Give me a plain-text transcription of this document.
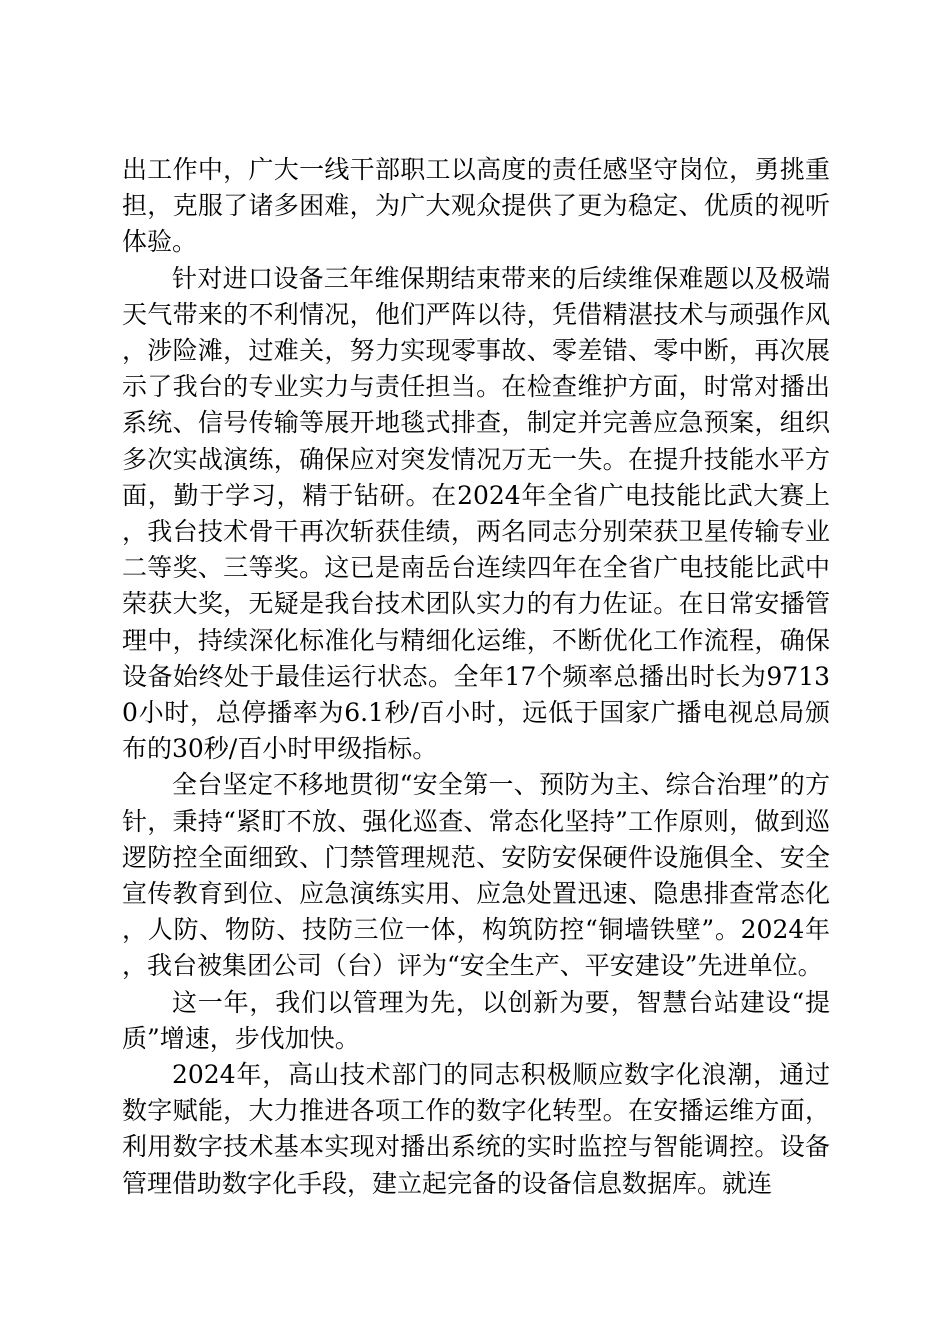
出工作中，广大一线干部职工以高度的责任感坚守岗位，勇挑重担，克服了诸多困难，为广大观众提供了更为稳定、优质的视听体验。

针对进口设备三年维保期结束带来的后续维保难题以及极端天气带来的不利情况，他们严阵以待，凭借精湛技术与顽强作风，涉险滩，过难关，努力实现零事故、零差错、零中断，再次展示了我台的专业实力与责任担当。在检查维护方面，时常对播出系统、信号传输等展开地毯式排查，制定并完善应急预案，组织多次实战演练，确保应对突发情况万无一失。在提升技能水平方面，勤于学习，精于钻研。在2024年全省广电技能比武大赛上，我台技术骨干再次斩获佳绩，两名同志分别荣获卫星传输专业二等奖、三等奖。这已是南岳台连续四年在全省广电技能比武中荣获大奖，无疑是我台技术团队实力的有力佐证。在日常安播管理中，持续深化标准化与精细化运维，不断优化工作流程，确保设备始终处于最佳运行状态。全年17个频率总播出时长为97130小时，总停播率为6.1秒/百小时，远低于国家广播电视总局颁布的30秒/百小时甲级指标。

全台坚定不移地贯彻“安全第一、预防为主、综合治理”的方针，秉持“紧盯不放、强化巡查、常态化坚持”工作原则，做到巡逻防控全面细致、门禁管理规范、安防安保硬件设施俱全、安全宣传教育到位、应急演练实用、应急处置迅速、隐患排查常态化，人防、物防、技防三位一体，构筑防控“铜墙铁壁”。2024年，我台被集团公司（台）评为“安全生产、平安建设”先进单位。

这一年，我们以管理为先，以创新为要，智慧台站建设“提质”增速，步伐加快。

2024年，高山技术部门的同志积极顺应数字化浪潮，通过数字赋能，大力推进各项工作的数字化转型。在安播运维方面，利用数字技术基本实现对播出系统的实时监控与智能调控。设备管理借助数字化手段，建立起完备的设备信息数据库。就连
